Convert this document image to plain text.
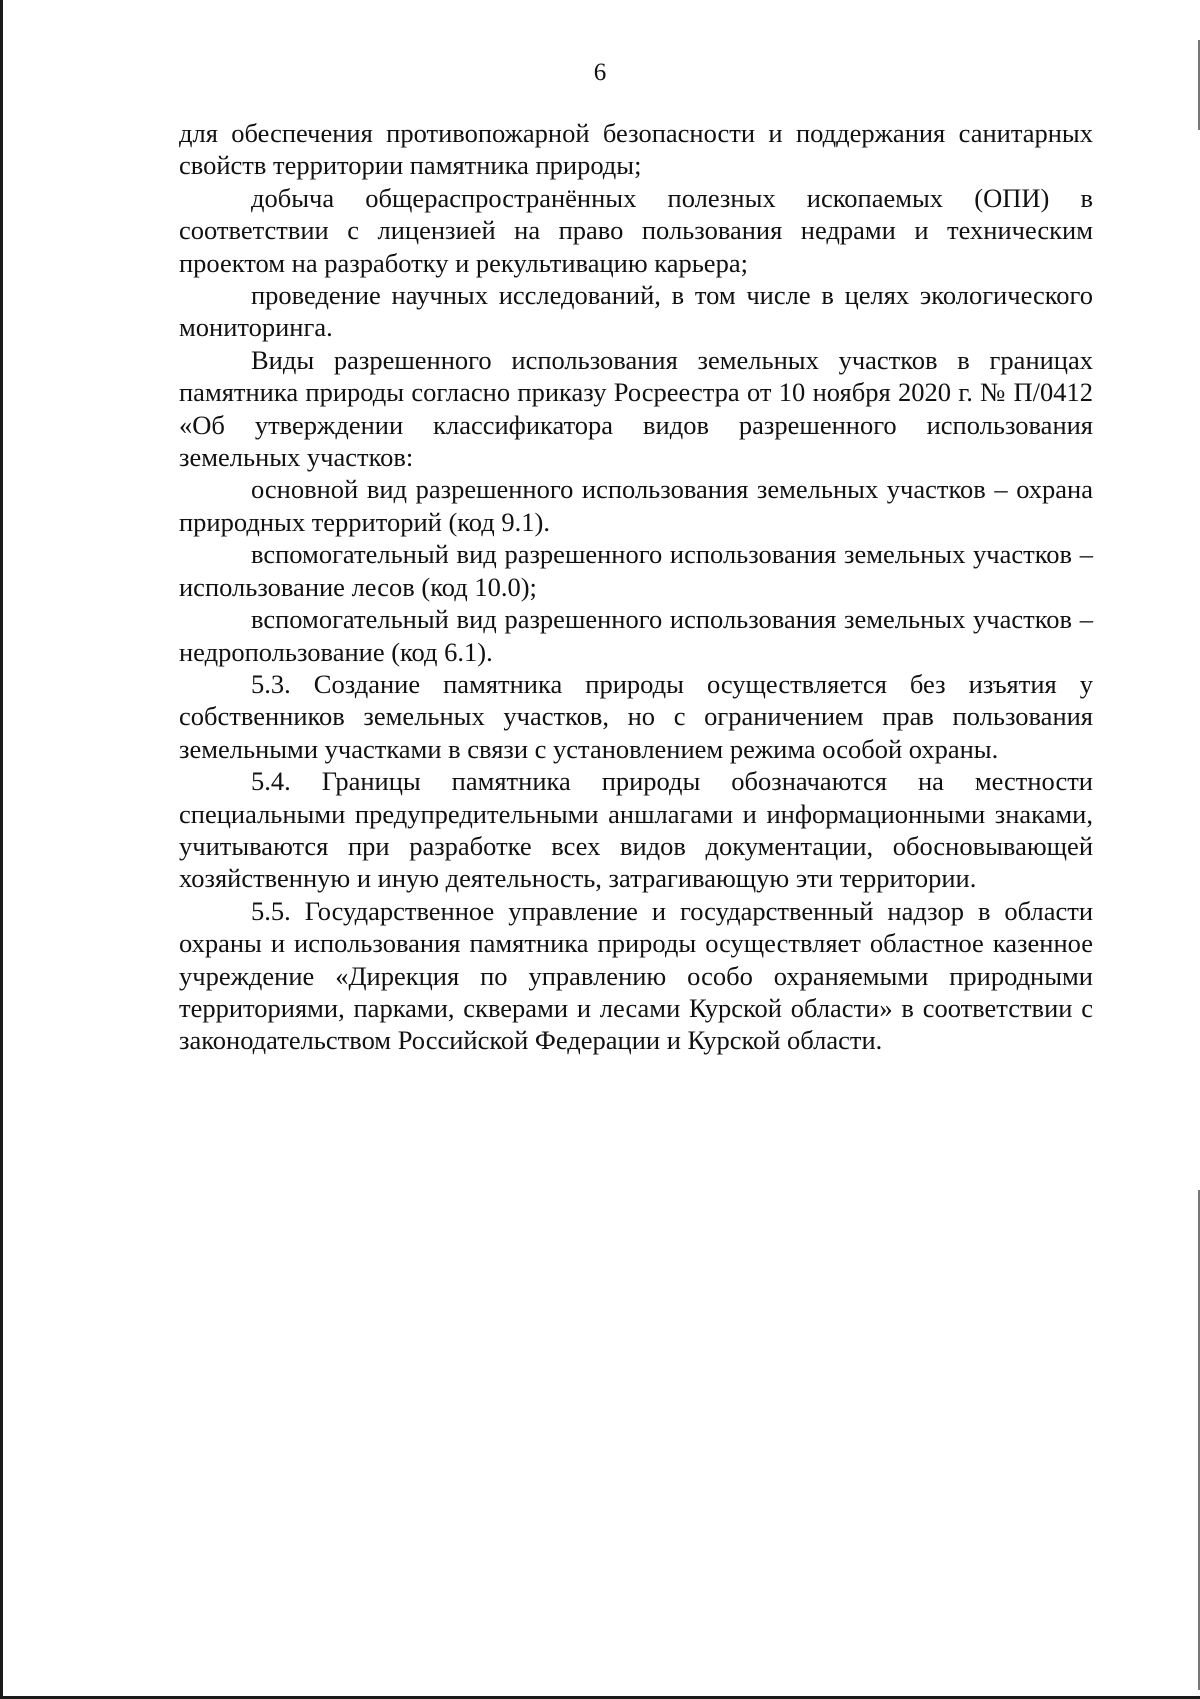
6

для обеспечения противопожарной безопасности и поддержания санитарных свойств территории памятника природы;

добыча общераспространённых полезных ископаемых (ОПИ) в соответствии с лицензией на право пользования недрами и техническим проектом на разработку и рекультивацию карьера;

проведение научных исследований, в том числе в целях экологического мониторинга.

Виды разрешенного использования земельных участков в границах памятника природы согласно приказу Росреестра от 10 ноября 2020 г. № П/0412 «Об утверждении классификатора видов разрешенного использования земельных участков:

основной вид разрешенного использования земельных участков – охрана природных территорий (код 9.1).

вспомогательный вид разрешенного использования земельных участков – использование лесов (код 10.0);

вспомогательный вид разрешенного использования земельных участков – недропользование (код 6.1).

5.3. Создание памятника природы осуществляется без изъятия у собственников земельных участков, но с ограничением прав пользования земельными участками в связи с установлением режима особой охраны.

5.4. Границы памятника природы обозначаются на местности специальными предупредительными аншлагами и информационными знаками, учитываются при разработке всех видов документации, обосновывающей хозяйственную и иную деятельность, затрагивающую эти территории.

5.5. Государственное управление и государственный надзор в области охраны и использования памятника природы осуществляет областное казенное учреждение «Дирекция по управлению особо охраняемыми природными территориями, парками, скверами и лесами Курской области» в соответствии с законодательством Российской Федерации и Курской области.
